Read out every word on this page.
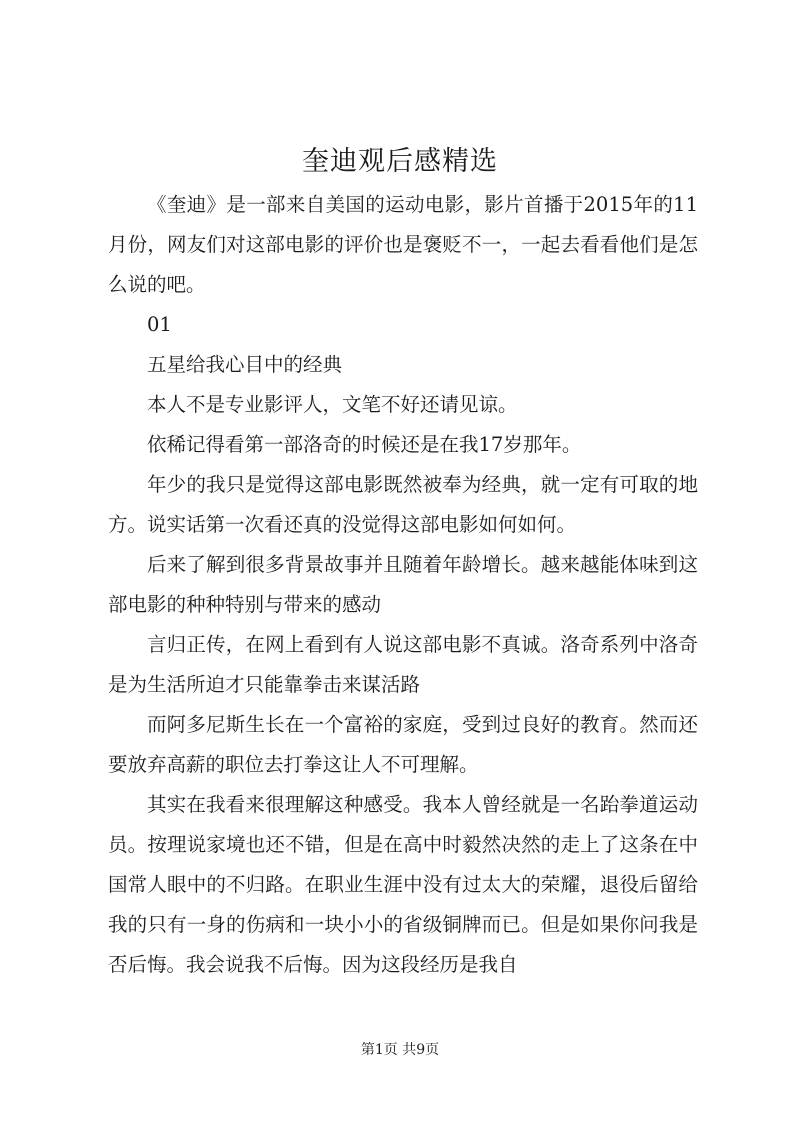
奎迪观后感精选

《奎迪》是一部来自美国的运动电影，影片首播于2015年的11月份，网友们对这部电影的评价也是褒贬不一，一起去看看他们是怎么说的吧。

01

五星给我心目中的经典

本人不是专业影评人，文笔不好还请见谅。

依稀记得看第一部洛奇的时候还是在我17岁那年。

年少的我只是觉得这部电影既然被奉为经典，就一定有可取的地方。说实话第一次看还真的没觉得这部电影如何如何。

后来了解到很多背景故事并且随着年龄增长。越来越能体味到这部电影的种种特别与带来的感动

言归正传，在网上看到有人说这部电影不真诚。洛奇系列中洛奇是为生活所迫才只能靠拳击来谋活路

而阿多尼斯生长在一个富裕的家庭，受到过良好的教育。然而还要放弃高薪的职位去打拳这让人不可理解。

其实在我看来很理解这种感受。我本人曾经就是一名跆拳道运动员。按理说家境也还不错，但是在高中时毅然决然的走上了这条在中国常人眼中的不归路。在职业生涯中没有过太大的荣耀，退役后留给我的只有一身的伤病和一块小小的省级铜牌而已。但是如果你问我是否后悔。我会说我不后悔。因为这段经历是我自

第1页 共9页
